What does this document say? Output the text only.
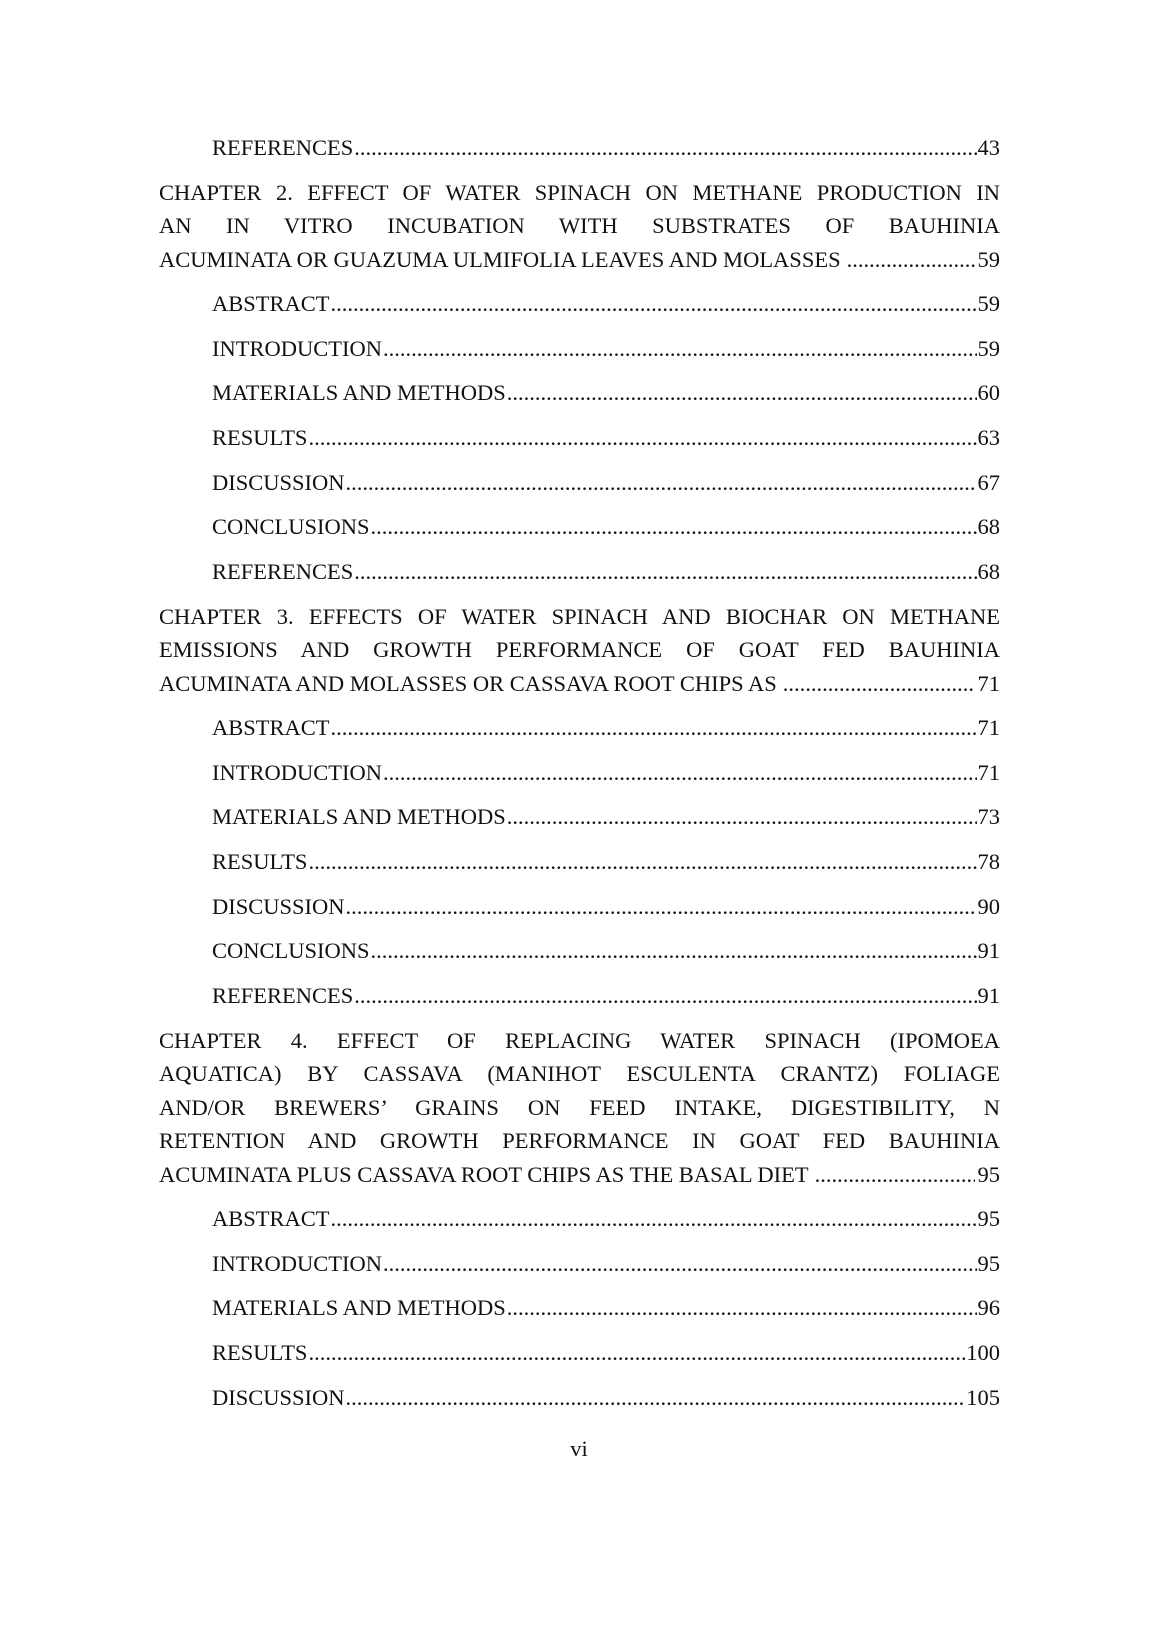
REFERENCES .....	43
CHAPTER 2. EFFECT OF WATER SPINACH ON METHANE PRODUCTION IN
AN IN VITRO INCUBATION WITH SUBSTRATES OF BAUHINIA
ACUMINATA OR GUAZUMA ULMIFOLIA LEAVES AND MOLASSES .....	59
ABSTRACT .....	59
INTRODUCTION .....	59
MATERIALS AND METHODS .....	60
RESULTS .....	63
DISCUSSION .....	67
CONCLUSIONS .....	68
REFERENCES .....	68
CHAPTER 3. EFFECTS OF WATER SPINACH AND BIOCHAR ON METHANE
EMISSIONS AND GROWTH PERFORMANCE OF GOAT FED BAUHINIA
ACUMINATA AND MOLASSES OR CASSAVA ROOT CHIPS AS .....	71
ABSTRACT .....	71
INTRODUCTION .....	71
MATERIALS AND METHODS .....	73
RESULTS .....	78
DISCUSSION .....	90
CONCLUSIONS .....	91
REFERENCES .....	91
CHAPTER 4. EFFECT OF REPLACING WATER SPINACH (IPOMOEA
AQUATICA) BY CASSAVA (MANIHOT ESCULENTA CRANTZ) FOLIAGE
AND/OR BREWERS’ GRAINS ON FEED INTAKE, DIGESTIBILITY, N
RETENTION AND GROWTH PERFORMANCE IN GOAT FED BAUHINIA
ACUMINATA PLUS CASSAVA ROOT CHIPS AS THE BASAL DIET .....	95
ABSTRACT .....	95
INTRODUCTION .....	95
MATERIALS AND METHODS .....	96
RESULTS .....	100
DISCUSSION .....	105
vi
